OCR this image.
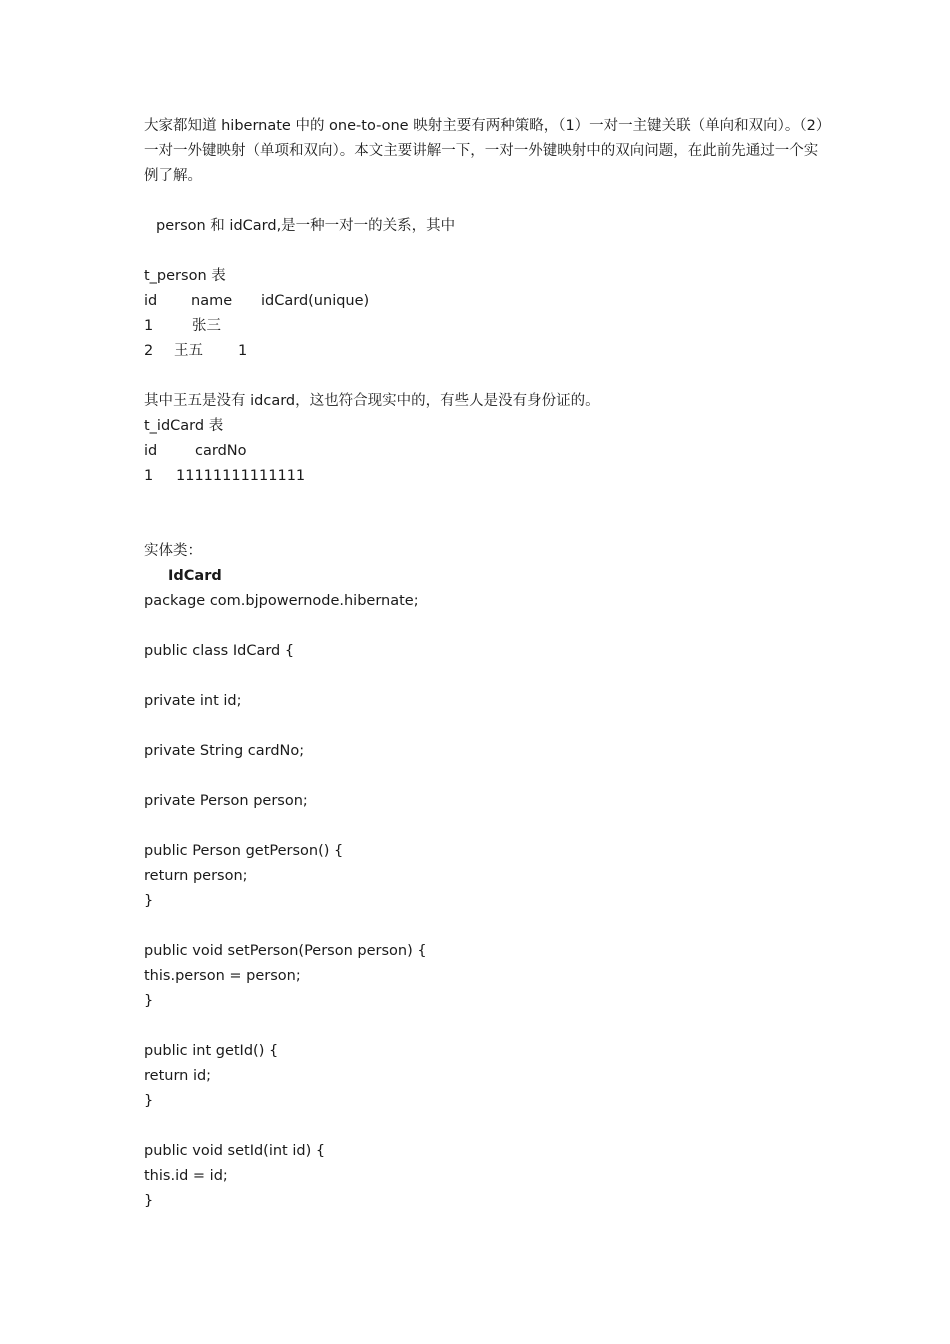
大家都知道 hibernate 中的 one-to-one 映射主要有两种策略，（1）一对一主键关联（单向和双向）。（2）一对一外键映射（单项和双向）。本文主要讲解一下，一对一外键映射中的双向问题，在此前先通过一个实例了解。
person 和 idCard,是一种一对一的关系，其中
t_person 表
id	name	idCard(unique)
1	张三
2	王五	1
其中王五是没有 idcard，这也符合现实中的，有些人是没有身份证的。
t_idCard 表
id	cardNo
1	11111111111111
实体类：
IdCard
package com.bjpowernode.hibernate;
public class IdCard {
private int id;
private String cardNo;
private Person person;
public Person getPerson() {
return person;
}
public void setPerson(Person person) {
this.person = person;
}
public int getId() {
return id;
}
public void setId(int id) {
this.id = id;
}
